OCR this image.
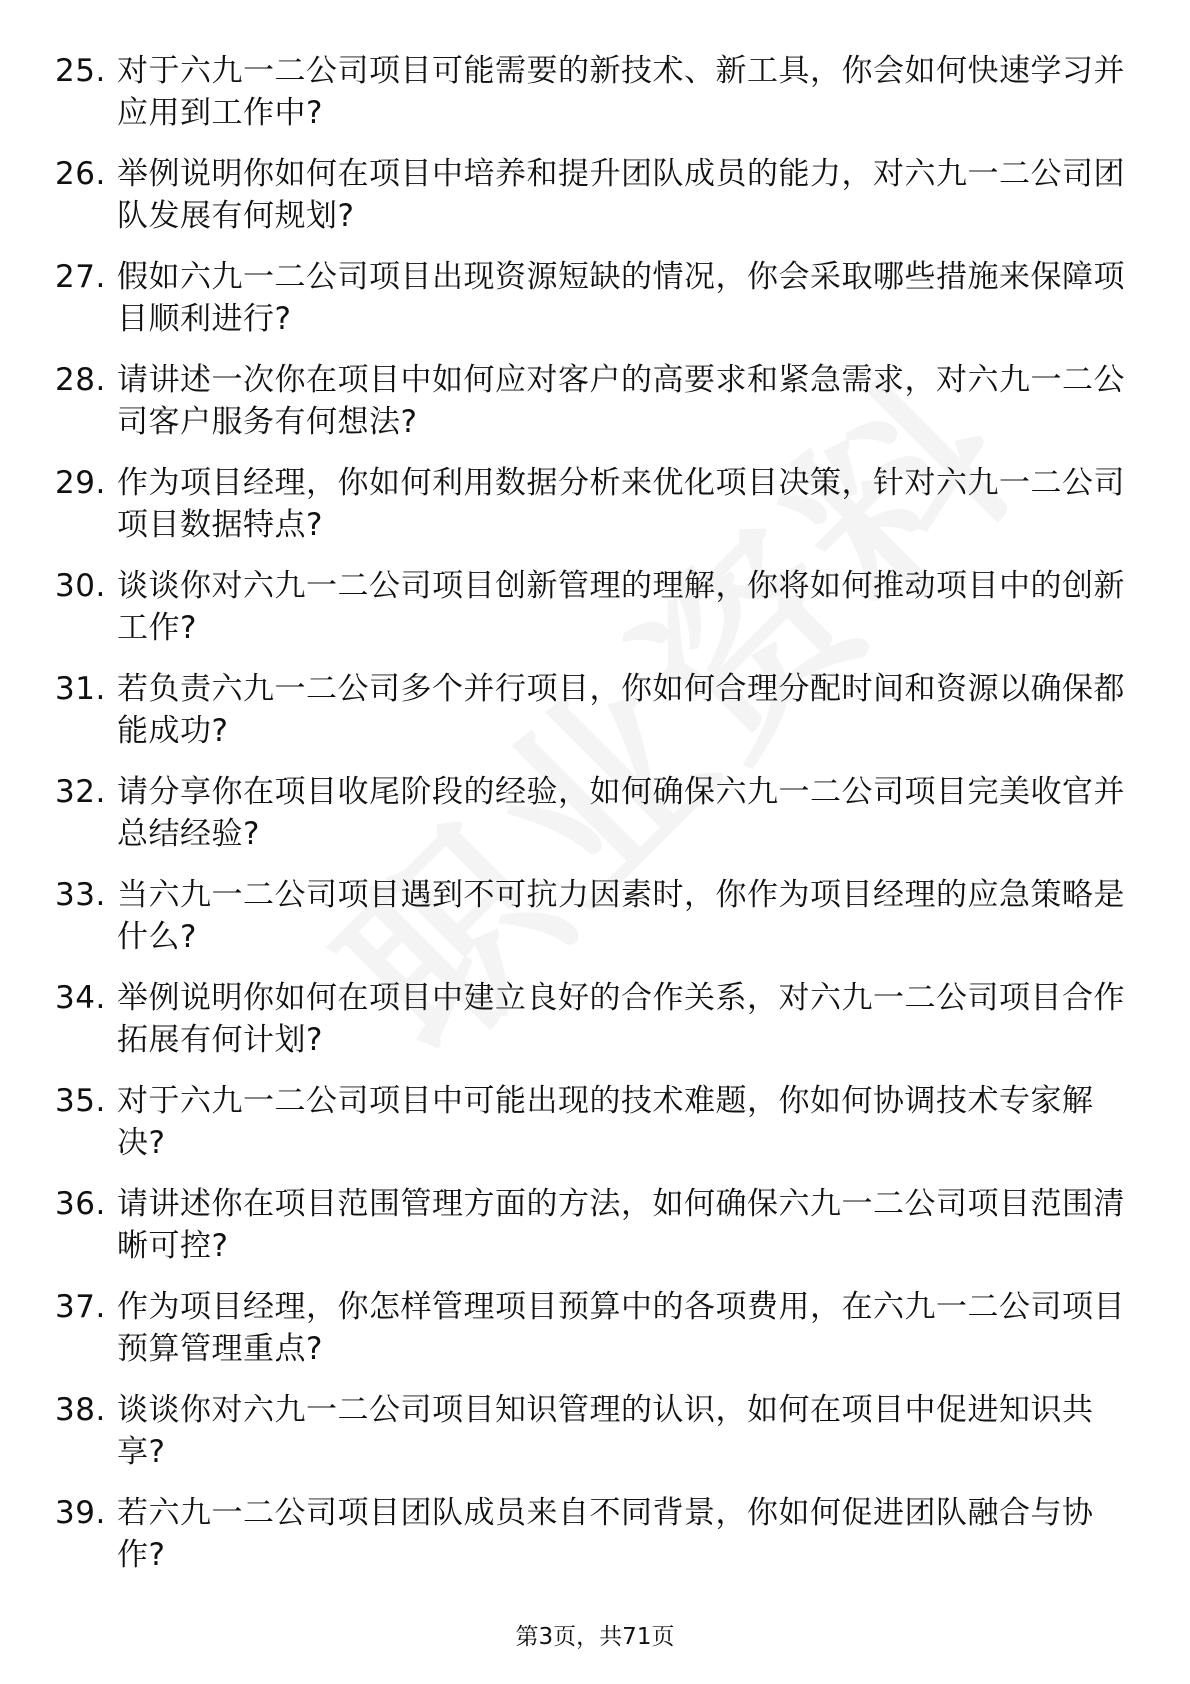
25. 对于六九一二公司项目可能需要的新技术、新工具，你会如何快速学习并应用到工作中?
26. 举例说明你如何在项目中培养和提升团队成员的能力，对六九一二公司团队发展有何规划?
27. 假如六九一二公司项目出现资源短缺的情况，你会采取哪些措施来保障项目顺利进行?
28. 请讲述一次你在项目中如何应对客户的高要求和紧急需求，对六九一二公司客户服务有何想法?
29. 作为项目经理，你如何利用数据分析来优化项目决策，针对六九一二公司项目数据特点?
30. 谈谈你对六九一二公司项目创新管理的理解，你将如何推动项目中的创新工作?
31. 若负责六九一二公司多个并行项目，你如何合理分配时间和资源以确保都能成功?
32. 请分享你在项目收尾阶段的经验，如何确保六九一二公司项目完美收官并总结经验?
33. 当六九一二公司项目遇到不可抗力因素时，你作为项目经理的应急策略是什么?
34. 举例说明你如何在项目中建立良好的合作关系，对六九一二公司项目合作拓展有何计划?
35. 对于六九一二公司项目中可能出现的技术难题，你如何协调技术专家解决?
36. 请讲述你在项目范围管理方面的方法，如何确保六九一二公司项目范围清晰可控?
37. 作为项目经理，你怎样管理项目预算中的各项费用，在六九一二公司项目预算管理重点?
38. 谈谈你对六九一二公司项目知识管理的认识，如何在项目中促进知识共享?
39. 若六九一二公司项目团队成员来自不同背景，你如何促进团队融合与协作?
第3页，共71页
